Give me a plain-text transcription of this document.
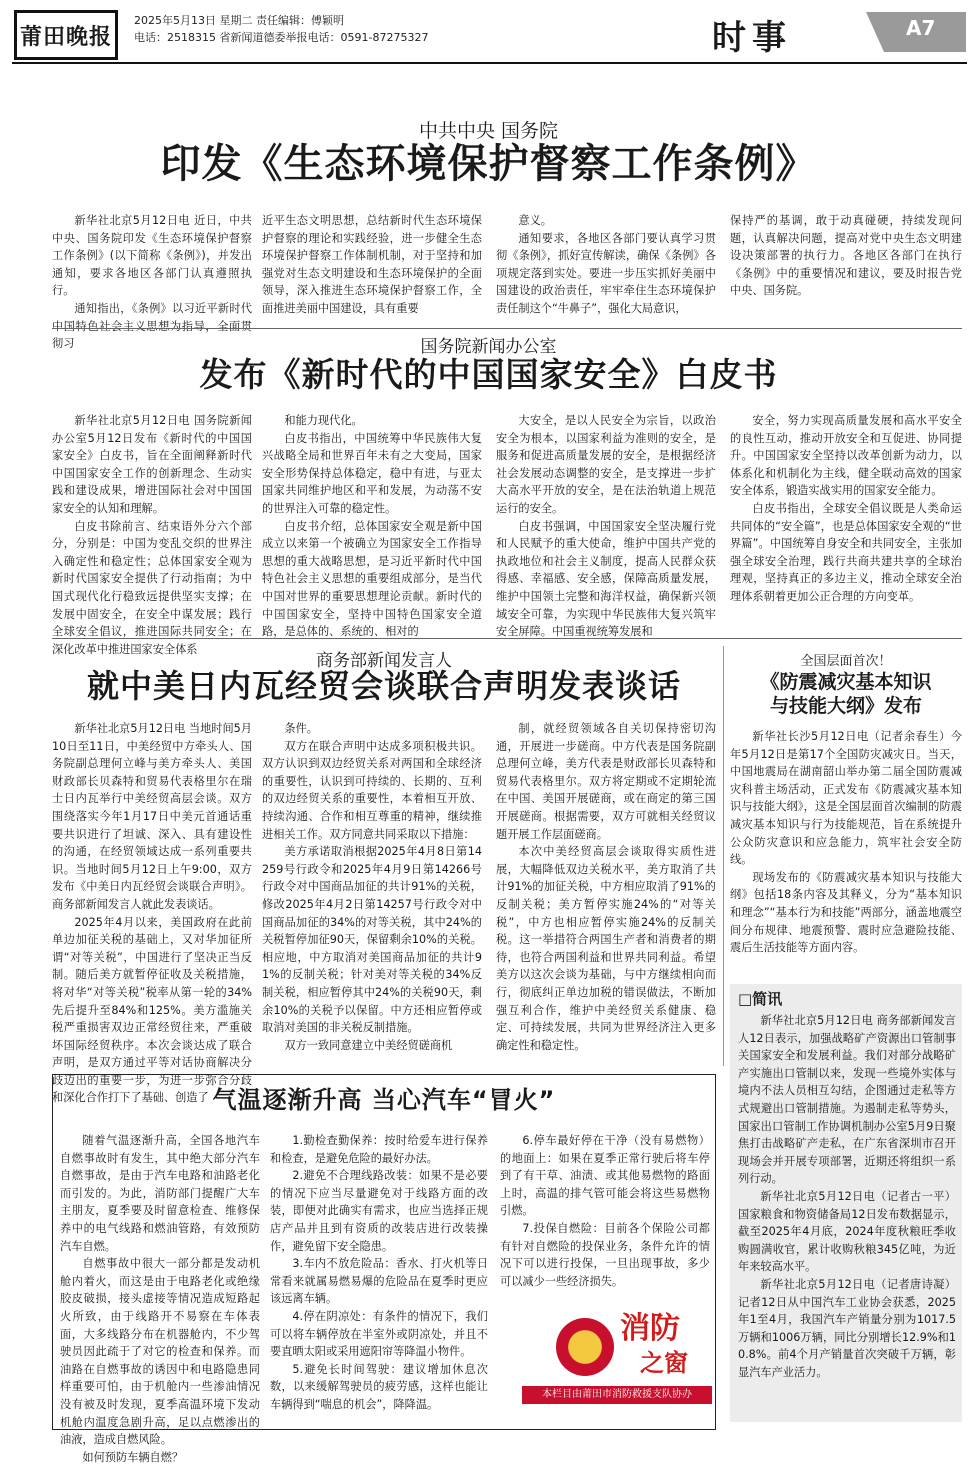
莆田晚报
2025年5月13日 星期二 责任编辑：傅颖明
电话：2518315 省新闻道德委举报电话：0591-87275327	时事	A7
中共中央 国务院
印发《生态环境保护督察工作条例》

新华社北京5月12日电 近日，中共中央、国务院印发《生态环境保护督察工作条例》(以下简称《条例》)，并发出通知，要求各地区各部门认真遵照执行。

通知指出，《条例》以习近平新时代中国特色社会主义思想为指导，全面贯彻习

近平生态文明思想，总结新时代生态环境保护督察的理论和实践经验，进一步健全生态环境保护督察工作体制机制，对于坚持和加强党对生态文明建设和生态环境保护的全面领导，深入推进生态环境保护督察工作，全面推进美丽中国建设，具有重要

意义。

通知要求，各地区各部门要认真学习贯彻《条例》，抓好宣传解读，确保《条例》各项规定落到实处。要进一步压实抓好美丽中国建设的政治责任，牢牢牵住生态环境保护责任制这个“牛鼻子”，强化大局意识，

保持严的基调，敢于动真碰硬，持续发现问题，认真解决问题，提高对党中央生态文明建设决策部署的执行力。各地区各部门在执行《条例》中的重要情况和建议，要及时报告党中央、国务院。
国务院新闻办公室
发布《新时代的中国国家安全》白皮书

新华社北京5月12日电 国务院新闻办公室5月12日发布《新时代的中国国家安全》白皮书，旨在全面阐释新时代中国国家安全工作的创新理念、生动实践和建设成果，增进国际社会对中国国家安全的认知和理解。

白皮书除前言、结束语外分六个部分，分别是：中国为变乱交织的世界注入确定性和稳定性；总体国家安全观为新时代国家安全提供了行动指南；为中国式现代化行稳致远提供坚实支撑；在发展中固安全，在安全中谋发展；践行全球安全倡议，推进国际共同安全；在深化改革中推进国家安全体系

和能力现代化。

白皮书指出，中国统筹中华民族伟大复兴战略全局和世界百年未有之大变局，国家安全形势保持总体稳定，稳中有进，与亚太国家共同维护地区和平和发展，为动荡不安的世界注入可靠的稳定性。

白皮书介绍，总体国家安全观是新中国成立以来第一个被确立为国家安全工作指导思想的重大战略思想，是习近平新时代中国特色社会主义思想的重要组成部分，是当代中国对世界的重要思想理论贡献。新时代的中国国家安全，坚持中国特色国家安全道路，是总体的、系统的、相对的

大安全，是以人民安全为宗旨，以政治安全为根本，以国家利益为准则的安全，是服务和促进高质量发展的安全，是根据经济社会发展动态调整的安全，是支撑进一步扩大高水平开放的安全，是在法治轨道上规范运行的安全。

白皮书强调，中国国家安全坚决履行党和人民赋予的重大使命，维护中国共产党的执政地位和社会主义制度，提高人民群众获得感、幸福感、安全感，保障高质量发展，维护中国领土完整和海洋权益，确保新兴领域安全可靠，为实现中华民族伟大复兴筑牢安全屏障。中国重视统筹发展和

安全，努力实现高质量发展和高水平安全的良性互动，推动开放安全和互促进、协同提升。中国国家安全坚持以改革创新为动力，以体系化和机制化为主线，健全联动高效的国家安全体系，锻造实战实用的国家安全能力。

白皮书指出，全球安全倡议既是人类命运共同体的“安全篇”，也是总体国家安全观的“世界篇”。中国统筹自身安全和共同安全，主张加强全球安全治理，践行共商共建共享的全球治理观，坚持真正的多边主义，推动全球安全治理体系朝着更加公正合理的方向变革。

商务部新闻发言人
就中美日内瓦经贸会谈联合声明发表谈话

新华社北京5月12日电 当地时间5月10日至11日，中美经贸中方牵头人、国务院副总理何立峰与美方牵头人、美国财政部长贝森特和贸易代表格里尔在瑞士日内瓦举行中美经贸高层会谈。双方围绕落实今年1月17日中美元首通话重要共识进行了坦诚、深入、具有建设性的沟通，在经贸领域达成一系列重要共识。当地时间5月12日上午9:00，双方发布《中美日内瓦经贸会谈联合声明》。商务部新闻发言人就此发表谈话。

2025年4月以来，美国政府在此前单边加征关税的基础上，又对华加征所谓“对等关税”，中国进行了坚决正当反制。随后美方就暂停征收及关税措施，将对华“对等关税”税率从第一轮的34%先后提升至84%和125%。美方滥施关税严重损害双边正常经贸往来，严重破坏国际经贸秩序。本次会谈达成了联合声明，是双方通过平等对话协商解决分歧迈出的重要一步，为进一步弥合分歧和深化合作打下了基础、创造了

条件。

双方在联合声明中达成多项积极共识。双方认识到双边经贸关系对两国和全球经济的重要性，认识到可持续的、长期的、互利的双边经贸关系的重要性，本着相互开放、持续沟通、合作和相互尊重的精神，继续推进相关工作。双方同意共同采取以下措施：

美方承诺取消根据2025年4月8日第14259号行政令和2025年4月9日第14266号行政令对中国商品加征的共计91%的关税，修改2025年4月2日第14257号行政令对中国商品加征的34%的对等关税，其中24%的关税暂停加征90天，保留剩余10%的关税。相应地，中方取消对美国商品加征的共计91%的反制关税；针对美对等关税的34%反制关税，相应暂停其中24%的关税90天，剩余10%的关税予以保留。中方还相应暂停或取消对美国的非关税反制措施。

双方一致同意建立中美经贸磋商机

制，就经贸领域各自关切保持密切沟通，开展进一步磋商。中方代表是国务院副总理何立峰，美方代表是财政部长贝森特和贸易代表格里尔。双方将定期或不定期轮流在中国、美国开展磋商，或在商定的第三国开展磋商。根据需要，双方可就相关经贸议题开展工作层面磋商。

本次中美经贸高层会谈取得实质性进展，大幅降低双边关税水平，美方取消了共计91%的加征关税，中方相应取消了91%的反制关税；美方暂停实施24%的“对等关税”，中方也相应暂停实施24%的反制关税。这一举措符合两国生产者和消费者的期待，也符合两国利益和世界共同利益。希望美方以这次会谈为基础，与中方继续相向而行，彻底纠正单边加税的错误做法，不断加强互利合作，维护中美经贸关系健康、稳定、可持续发展，共同为世界经济注入更多确定性和稳定性。

全国层面首次！
《防震减灾基本知识
与技能大纲》发布

新华社长沙5月12日电（记者余春生）今年5月12日是第17个全国防灾减灾日。当天，中国地震局在湖南韶山举办第二届全国防震减灾科普主场活动，正式发布《防震减灾基本知识与技能大纲》，这是全国层面首次编制的防震减灾基本知识与行为技能规范，旨在系统提升公众防灾意识和应急能力，筑牢社会安全防线。

现场发布的《防震减灾基本知识与技能大纲》包括18条内容及其释义，分为“基本知识和理念”“基本行为和技能”两部分，涵盖地震空间分布规律、地震预警、震时应急避险技能、震后生活技能等方面内容。

□简讯

新华社北京5月12日电 商务部新闻发言人12日表示，加强战略矿产资源出口管制事关国家安全和发展利益。我们对部分战略矿产实施出口管制以来，发现一些境外实体与境内不法人员相互勾结，企图通过走私等方式规避出口管制措施。为遏制走私等势头，国家出口管制工作协调机制办公室5月9日聚焦打击战略矿产走私，在广东省深圳市召开现场会并开展专项部署，近期还将组织一系列行动。

新华社北京5月12日电（记者古一平）国家粮食和物资储备局12日发布数据显示，截至2025年4月底，2024年度秋粮旺季收购圆满收官，累计收购秋粮345亿吨，为近年来较高水平。

新华社北京5月12日电（记者唐诗凝）记者12日从中国汽车工业协会获悉，2025年1至4月，我国汽车产销量分别为1017.5万辆和1006万辆，同比分别增长12.9%和10.8%。前4个月产销量首次突破千万辆，彰显汽车产业活力。

气温逐渐升高 当心汽车“冒火”

随着气温逐渐升高，全国各地汽车自燃事故时有发生，其中绝大部分汽车自燃事故，是由于汽车电路和油路老化而引发的。为此，消防部门提醒广大车主朋友，夏季要及时留意检查、维修保养中的电气线路和燃油管路，有效预防汽车自燃。

自燃事故中很大一部分都是发动机舱内着火，而这是由于电路老化或绝缘胶皮破损，接头虚接等情况造成短路起火所致，由于线路开不易察在车体表面，大多线路分布在机器舱内，不少驾驶员因此疏于了对它的检查和保养。而油路在自燃事故的诱因中和电路隐患同样重要可怕，由于机舱内一些渗油情况没有被及时发现，夏季高温环境下发动机舱内温度急剧升高，足以点燃渗出的油液，造成自燃风险。

如何预防车辆自燃？

1.勤检查勤保养：按时给爱车进行保养和检查，是避免危险的最好办法。

2.避免不合理线路改装：如果不是必要的情况下应当尽量避免对于线路方面的改装，即便对此确实有需求，也应当选择正规店产品并且到有资质的改装店进行改装操作，避免留下安全隐患。

3.车内不放危险品：香水、打火机等日常看来就属易燃易爆的危险品在夏季时更应该远离车辆。

4.停在阴凉处：有条件的情况下，我们可以将车辆停放在半室外或阴凉处，并且不要直晒太阳或采用遮阳帘等降温小物件。

5.避免长时间驾驶：建议增加休息次数，以来缓解驾驶员的疲劳感，这样也能让车辆得到“喘息的机会”，降降温。

6.停车最好停在干净（没有易燃物）的地面上：如果在夏季正常行驶后将车停到了有干草、油渍、或其他易燃物的路面上时，高温的排气管可能会将这些易燃物引燃。

7.投保自燃险：目前各个保险公司都有针对自燃险的投保业务，条件允许的情况下可以进行投保，一旦出现事故，多少可以减少一些经济损失。

消防
之窗
本栏目由莆田市消防救援支队协办
